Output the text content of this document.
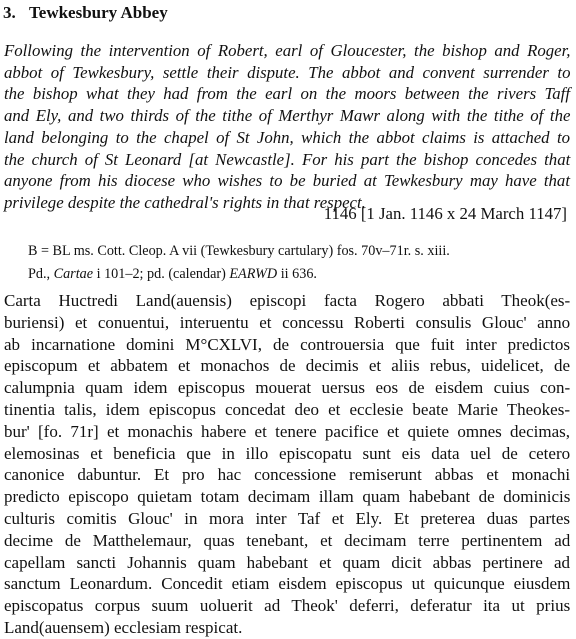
3. Tewkesbury Abbey
Following the intervention of Robert, earl of Gloucester, the bishop and Roger,
abbot of Tewkesbury, settle their dispute. The abbot and convent surrender to
the bishop what they had from the earl on the moors between the rivers Taff
and Ely, and two thirds of the tithe of Merthyr Mawr along with the tithe of the
land belonging to the chapel of St John, which the abbot claims is attached to
the church of St Leonard [at Newcastle]. For his part the bishop concedes that
anyone from his diocese who wishes to be buried at Tewkesbury may have that
privilege despite the cathedral's rights in that respect.
1146 [1 Jan. 1146 x 24 March 1147]
B = BL ms. Cott. Cleop. A vii (Tewkesbury cartulary) fos. 70v–71r. s. xiii.
Pd., Cartae i 101–2; pd. (calendar) EARWD ii 636.
Carta Huctredi Land(auensis) episcopi facta Rogero abbati Theok(es-
buriensi) et conuentui, interuentu et concessu Roberti consulis Glouc' anno
ab incarnatione domini M°CXLVI, de controuersia que fuit inter predictos
episcopum et abbatem et monachos de decimis et aliis rebus, uidelicet, de
calumpnia quam idem episcopus mouerat uersus eos de eisdem cuius con-
tinentia talis, idem episcopus concedat deo et ecclesie beate Marie Theokes-
bur' [fo. 71r] et monachis habere et tenere pacifice et quiete omnes decimas,
elemosinas et beneficia que in illo episcopatu sunt eis data uel de cetero
canonice dabuntur. Et pro hac concessione remiserunt abbas et monachi
predicto episcopo quietam totam decimam illam quam habebant de dominicis
culturis comitis Glouc' in mora inter Taf et Ely. Et preterea duas partes
decime de Matthelemaur, quas tenebant, et decimam terre pertinentem ad
capellam sancti Johannis quam habebant et quam dicit abbas pertinere ad
sanctum Leonardum. Concedit etiam eisdem episcopus ut quicunque eiusdem
episcopatus corpus suum uoluerit ad Theok' deferri, deferatur ita ut prius
Land(auensem) ecclesiam respicat.
